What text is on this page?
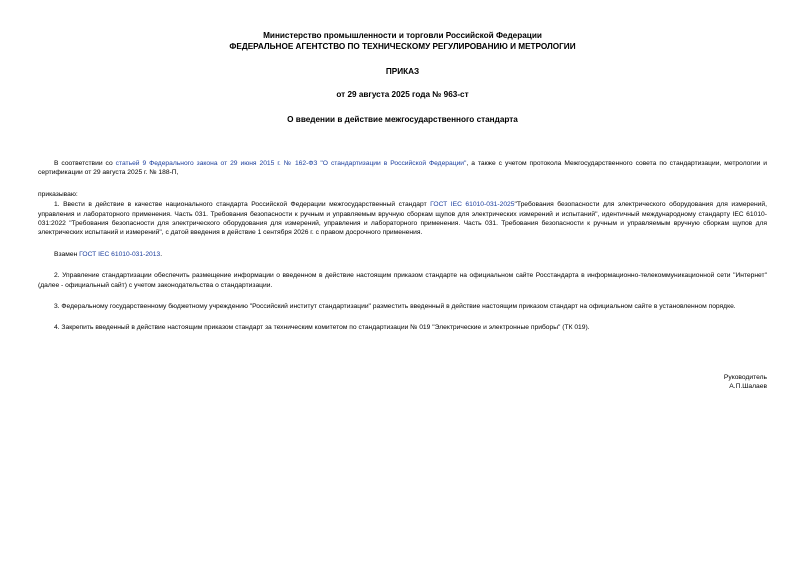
Министерство промышленности и торговли Российской Федерации
ФЕДЕРАЛЬНОЕ АГЕНТСТВО ПО ТЕХНИЧЕСКОМУ РЕГУЛИРОВАНИЮ И МЕТРОЛОГИИ
ПРИКАЗ
от 29 августа 2025 года № 963-ст
О введении в действие межгосударственного стандарта

В соответствии со статьей 9 Федерального закона от 29 июня 2015 г. № 162-ФЗ "О стандартизации в Российской Федерации", а также с учетом протокола Межгосударственного совета по стандартизации, метрологии и сертификации от 29 августа 2025 г. № 188-П,

приказываю:

1. Ввести в действие в качестве национального стандарта Российской Федерации межгосударственный стандарт ГОСТ IEC 61010-031-2025"Требования безопасности для электрического оборудования для измерений, управления и лабораторного применения. Часть 031. Требования безопасности к ручным и управляемым вручную сборкам щупов для электрических измерений и испытаний", идентичный международному стандарту IEC 61010-031:2022 "Требования безопасности для электрического оборудования для измерений, управления и лабораторного применения. Часть 031. Требования безопасности к ручным и управляемым вручную сборкам щупов для электрических испытаний и измерений", с датой введения в действие 1 сентября 2026 г. с правом досрочного применения.

Взамен ГОСТ IEC 61010-031-2013.

2. Управление стандартизации обеспечить размещение информации о введенном в действие настоящим приказом стандарте на официальном сайте Росстандарта в информационно-телекоммуникационной сети "Интернет" (далее - официальный сайт) с учетом законодательства о стандартизации.

3. Федеральному государственному бюджетному учреждению "Российский институт стандартизации" разместить введенный в действие настоящим приказом стандарт на официальном сайте в установленном порядке.

4. Закрепить введенный в действие настоящим приказом стандарт за техническим комитетом по стандартизации № 019 "Электрические и электронные приборы" (ТК 019).

Руководитель
А.П.Шалаев
